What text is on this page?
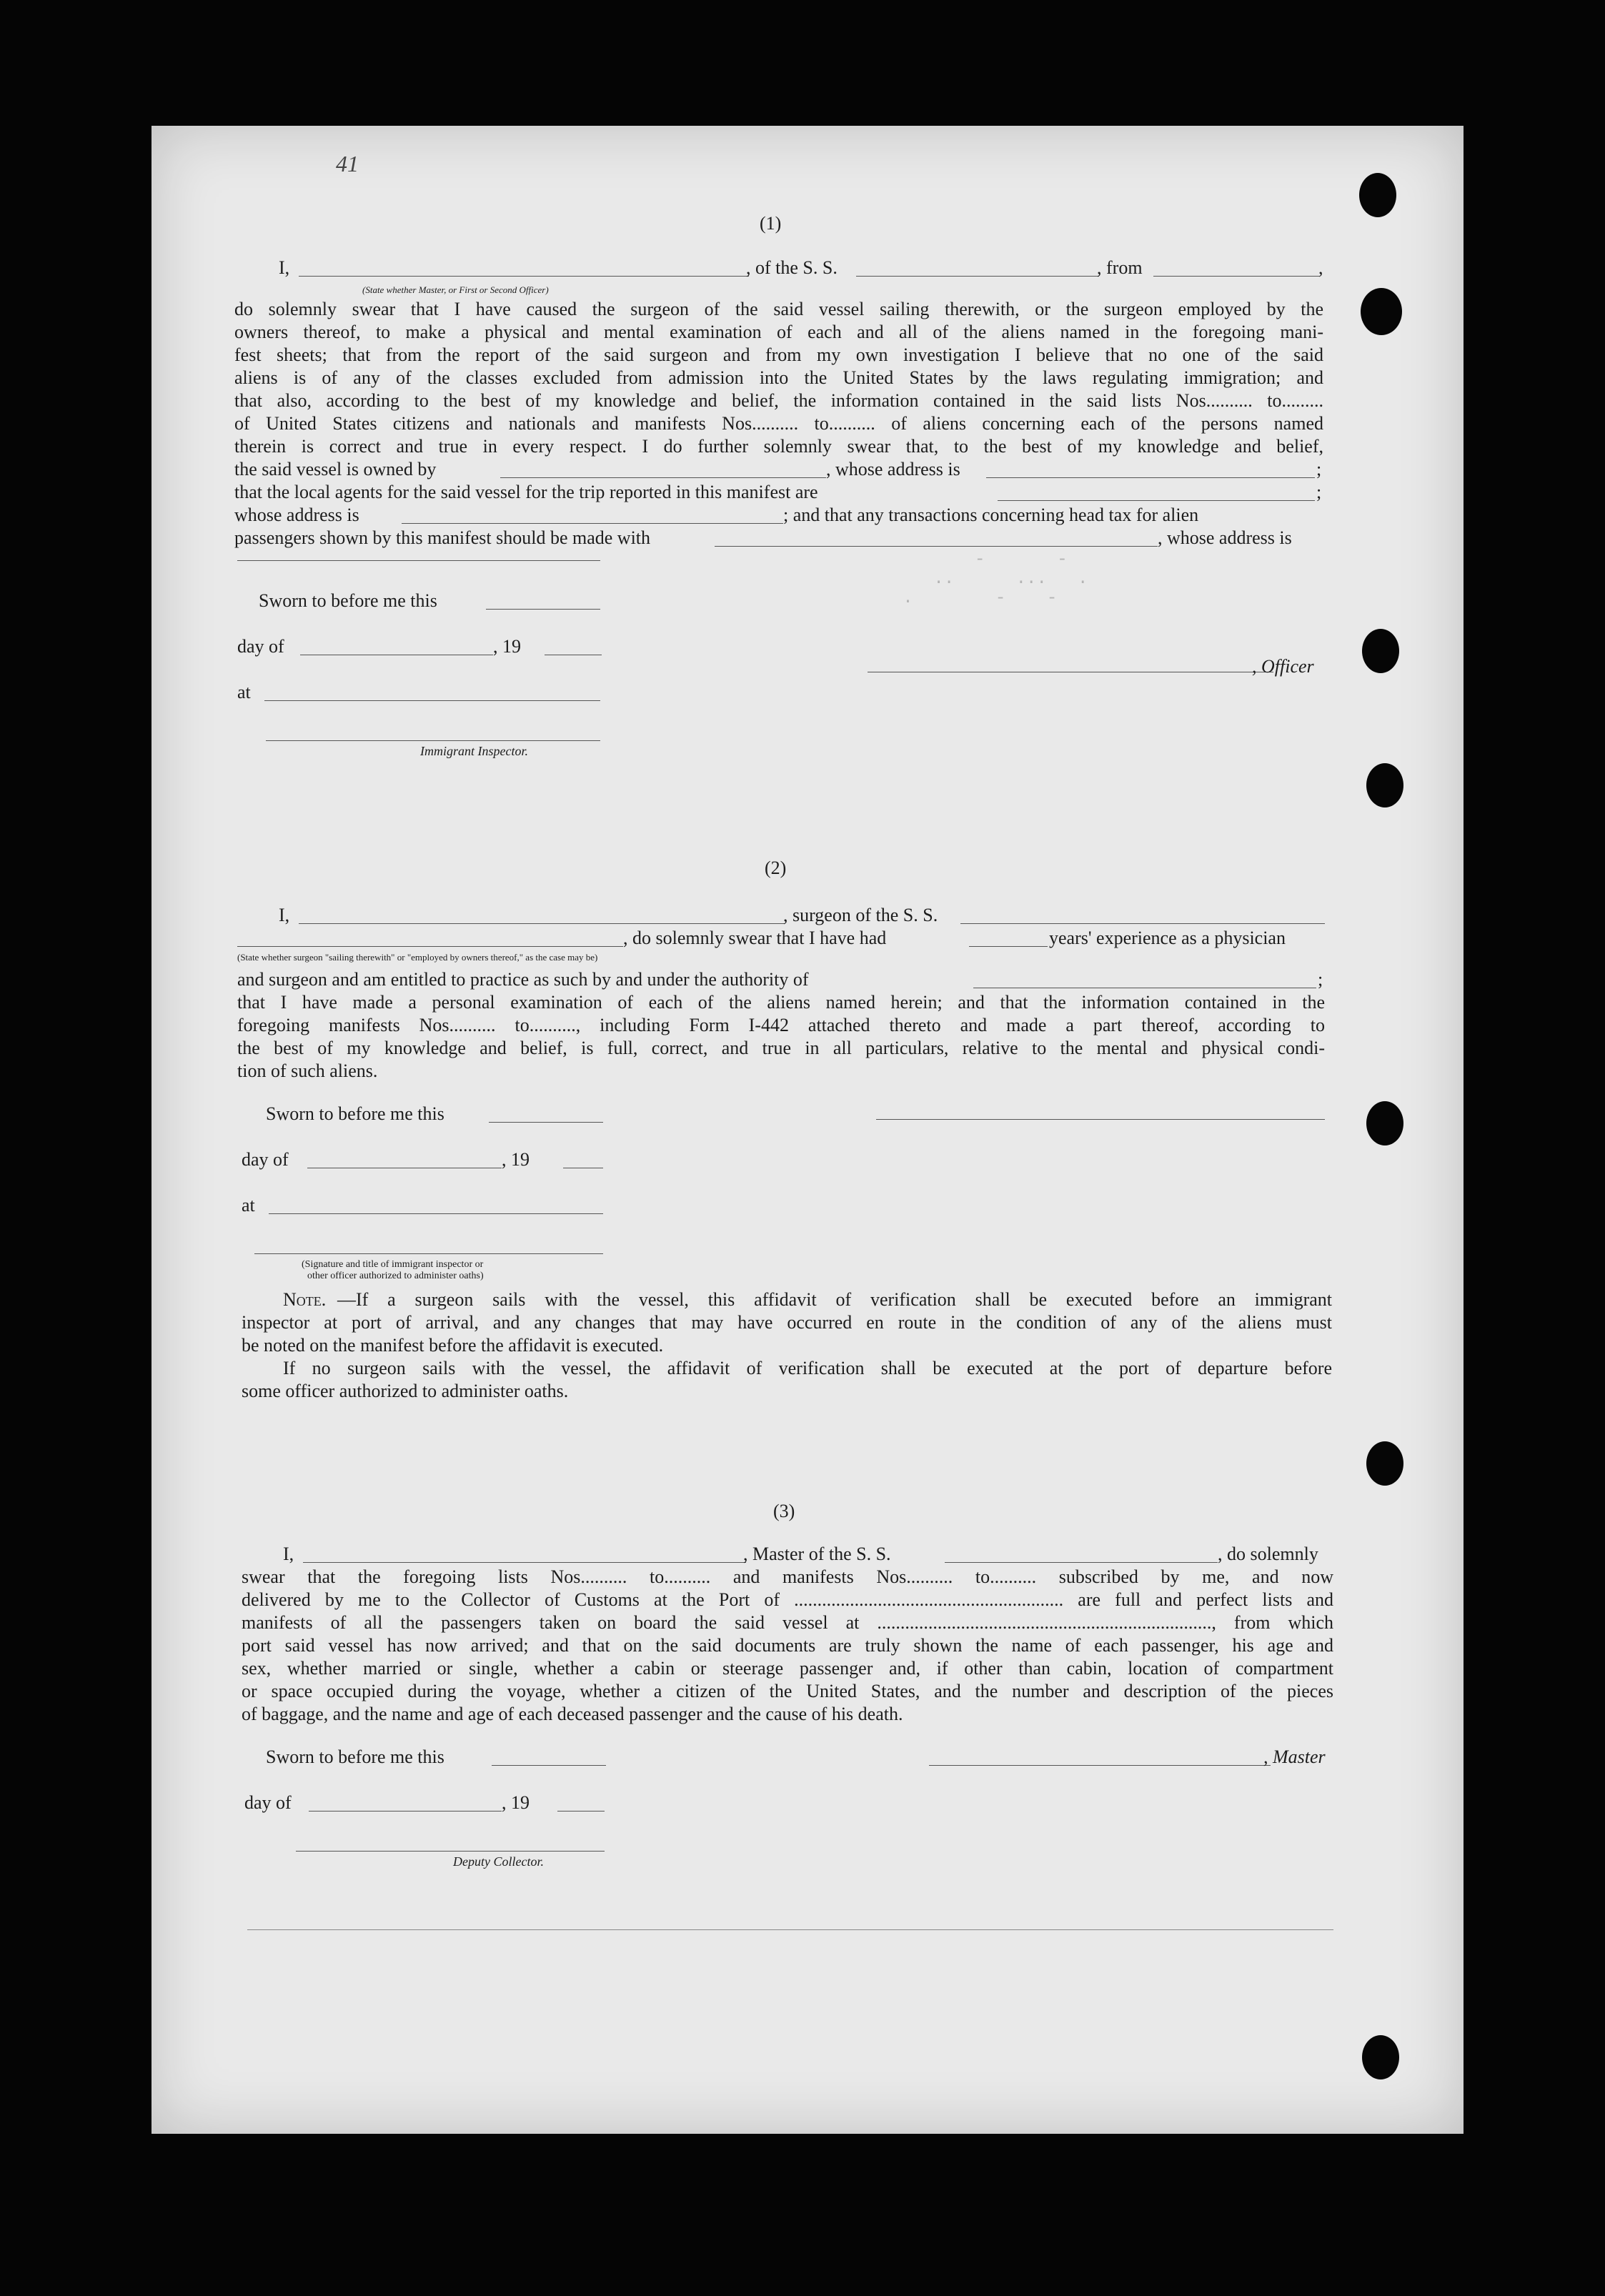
-       -
..      ...   .
.        -    -
41
(1)
I,	, of the S. S.	, from	,
(State whether Master, or First or Second Officer)
do solemnly swear that I have caused the surgeon of the said vessel sailing therewith, or the surgeon employed by the
owners thereof, to make a physical and mental examination of each and all of the aliens named in the foregoing mani-
fest sheets; that from the report of the said surgeon and from my own investigation I believe that no one of the said
aliens is of any of the classes excluded from admission into the United States by the laws regulating immigration; and
that also, according to the best of my knowledge and belief, the information contained in the said lists Nos.......... to.........
of United States citizens and nationals and manifests Nos.......... to.......... of aliens concerning each of the persons named
therein is correct and true in every respect. I do further solemnly swear that, to the best of my knowledge and belief,
the said vessel is owned by	, whose address is	;
that the local agents for the said vessel for the trip reported in this manifest are	;
whose address is	; and that any transactions concerning head tax for alien
passengers shown by this manifest should be made with	, whose address is
Sworn to before me this
day of	, 19
, Officer
at
Immigrant Inspector.
(2)
I,	, surgeon of the S. S.
, do solemnly swear that I have had	years' experience as a physician
(State whether surgeon "sailing therewith" or "employed by owners thereof," as the case may be)
and surgeon and am entitled to practice as such by and under the authority of	;
that I have made a personal examination of each of the aliens named herein; and that the information contained in the
foregoing manifests Nos.......... to.........., including Form I-442 attached thereto and made a part thereof, according to
the best of my knowledge and belief, is full, correct, and true in all particulars, relative to the mental and physical condi-
tion of such aliens.
Sworn to before me this
day of	, 19
at
(Signature and title of immigrant inspector or
other officer authorized to administer oaths)
Note. —If a surgeon sails with the vessel, this affidavit of verification shall be executed before an immigrant
inspector at port of arrival, and any changes that may have occurred en route in the condition of any of the aliens must
be noted on the manifest before the affidavit is executed.
If no surgeon sails with the vessel, the affidavit of verification shall be executed at the port of departure before
some officer authorized to administer oaths.
(3)
I,	, Master of the S. S.	, do solemnly
swear that the foregoing lists Nos.......... to.......... and manifests Nos.......... to.......... subscribed by me, and now
delivered by me to the Collector of Customs at the Port of .......................................................... are full and perfect lists and
manifests of all the passengers taken on board the said vessel at ........................................................................, from which
port said vessel has now arrived; and that on the said documents are truly shown the name of each passenger, his age and
sex, whether married or single, whether a cabin or steerage passenger and, if other than cabin, location of compartment
or space occupied during the voyage, whether a citizen of the United States, and the number and description of the pieces
of baggage, and the name and age of each deceased passenger and the cause of his death.
Sworn to before me this	, Master
day of	, 19
Deputy Collector.
